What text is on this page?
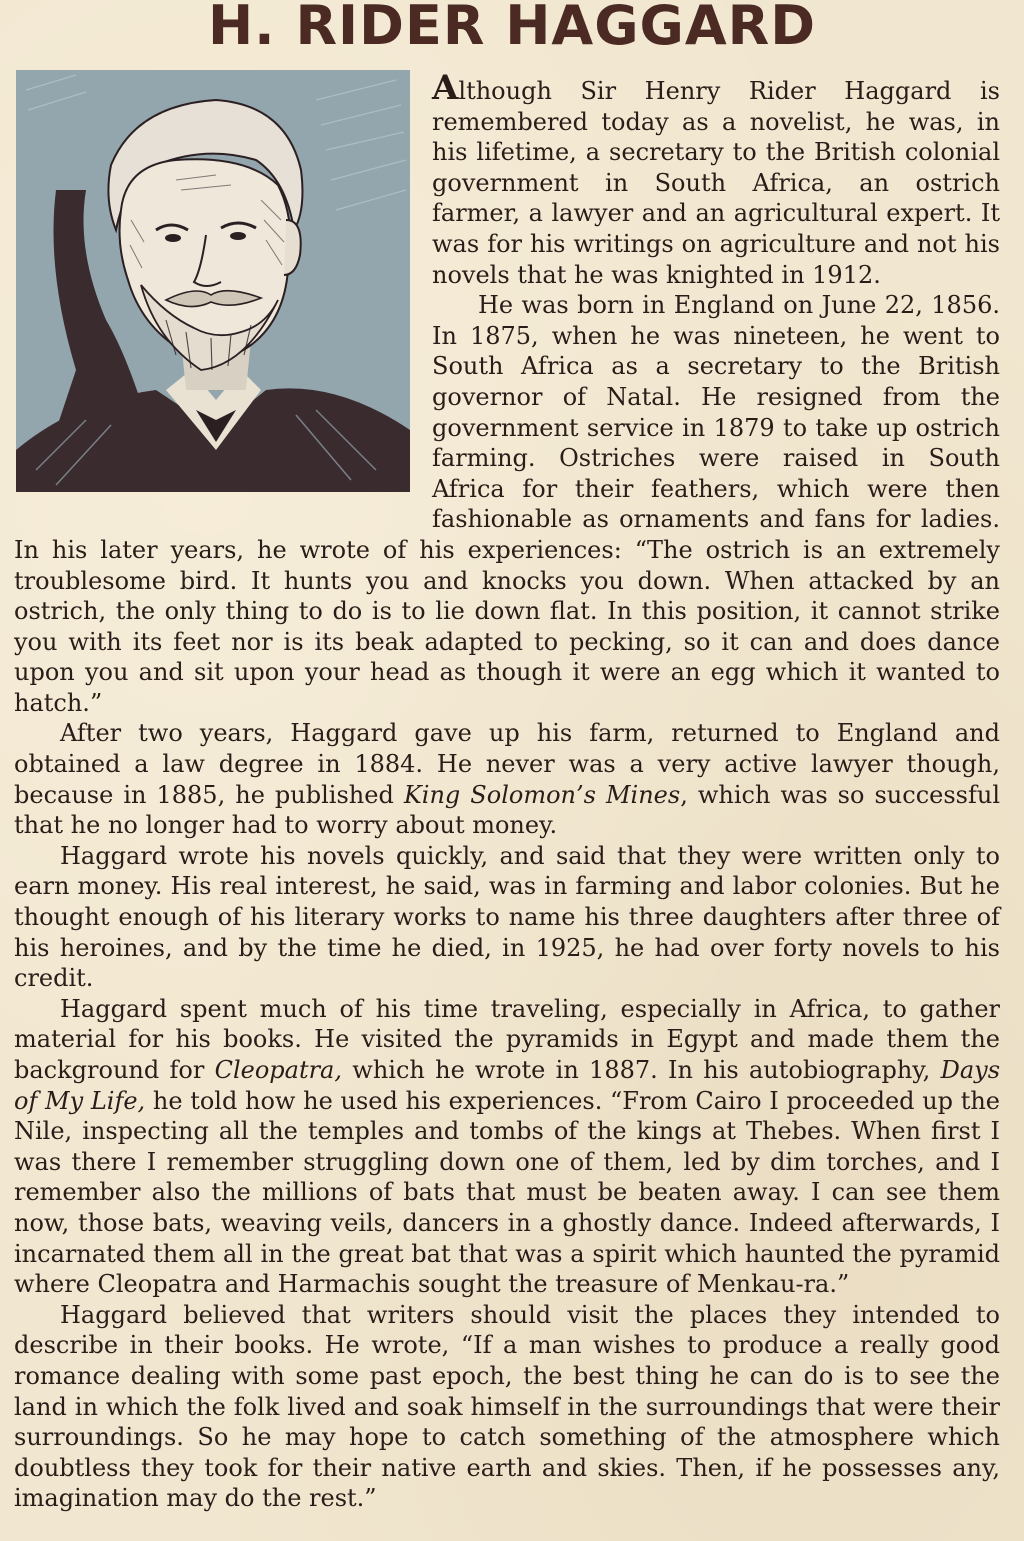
H. RIDER HAGGARD

Although Sir Henry Rider Haggard is remembered today as a novelist, he was, in his lifetime, a secretary to the British colonial government in South Africa, an ostrich farmer, a lawyer and an agricultural expert. It was for his writings on agriculture and not his novels that he was knighted in 1912.

He was born in England on June 22, 1856. In 1875, when he was nineteen, he went to South Africa as a secretary to the British governor of Natal. He resigned from the government service in 1879 to take up ostrich farming. Ostriches were raised in South Africa for their feathers, which were then fashionable as ornaments and fans for ladies. In his later years, he wrote of his experiences: “The ostrich is an extremely troublesome bird. It hunts you and knocks you down. When attacked by an ostrich, the only thing to do is to lie down flat. In this position, it cannot strike you with its feet nor is its beak adapted to pecking, so it can and does dance upon you and sit upon your head as though it were an egg which it wanted to hatch.”

After two years, Haggard gave up his farm, returned to England and obtained a law degree in 1884. He never was a very active lawyer though, because in 1885, he published King Solomon’s Mines, which was so successful that he no longer had to worry about money.

Haggard wrote his novels quickly, and said that they were written only to earn money. His real interest, he said, was in farming and labor colonies. But he thought enough of his literary works to name his three daughters after three of his heroines, and by the time he died, in 1925, he had over forty novels to his credit.

Haggard spent much of his time traveling, especially in Africa, to gather material for his books. He visited the pyramids in Egypt and made them the background for Cleopatra, which he wrote in 1887. In his autobiography, Days of My Life, he told how he used his experiences. “From Cairo I proceeded up the Nile, inspecting all the temples and tombs of the kings at Thebes. When first I was there I remember struggling down one of them, led by dim torches, and I remember also the millions of bats that must be beaten away. I can see them now, those bats, weaving veils, dancers in a ghostly dance. Indeed afterwards, I incarnated them all in the great bat that was a spirit which haunted the pyramid where Cleopatra and Harmachis sought the treasure of Menkau-ra.”

Haggard believed that writers should visit the places they intended to describe in their books. He wrote, “If a man wishes to produce a really good romance dealing with some past epoch, the best thing he can do is to see the land in which the folk lived and soak himself in the surroundings that were their surroundings. So he may hope to catch something of the atmosphere which doubtless they took for their native earth and skies. Then, if he possesses any, imagination may do the rest.”
